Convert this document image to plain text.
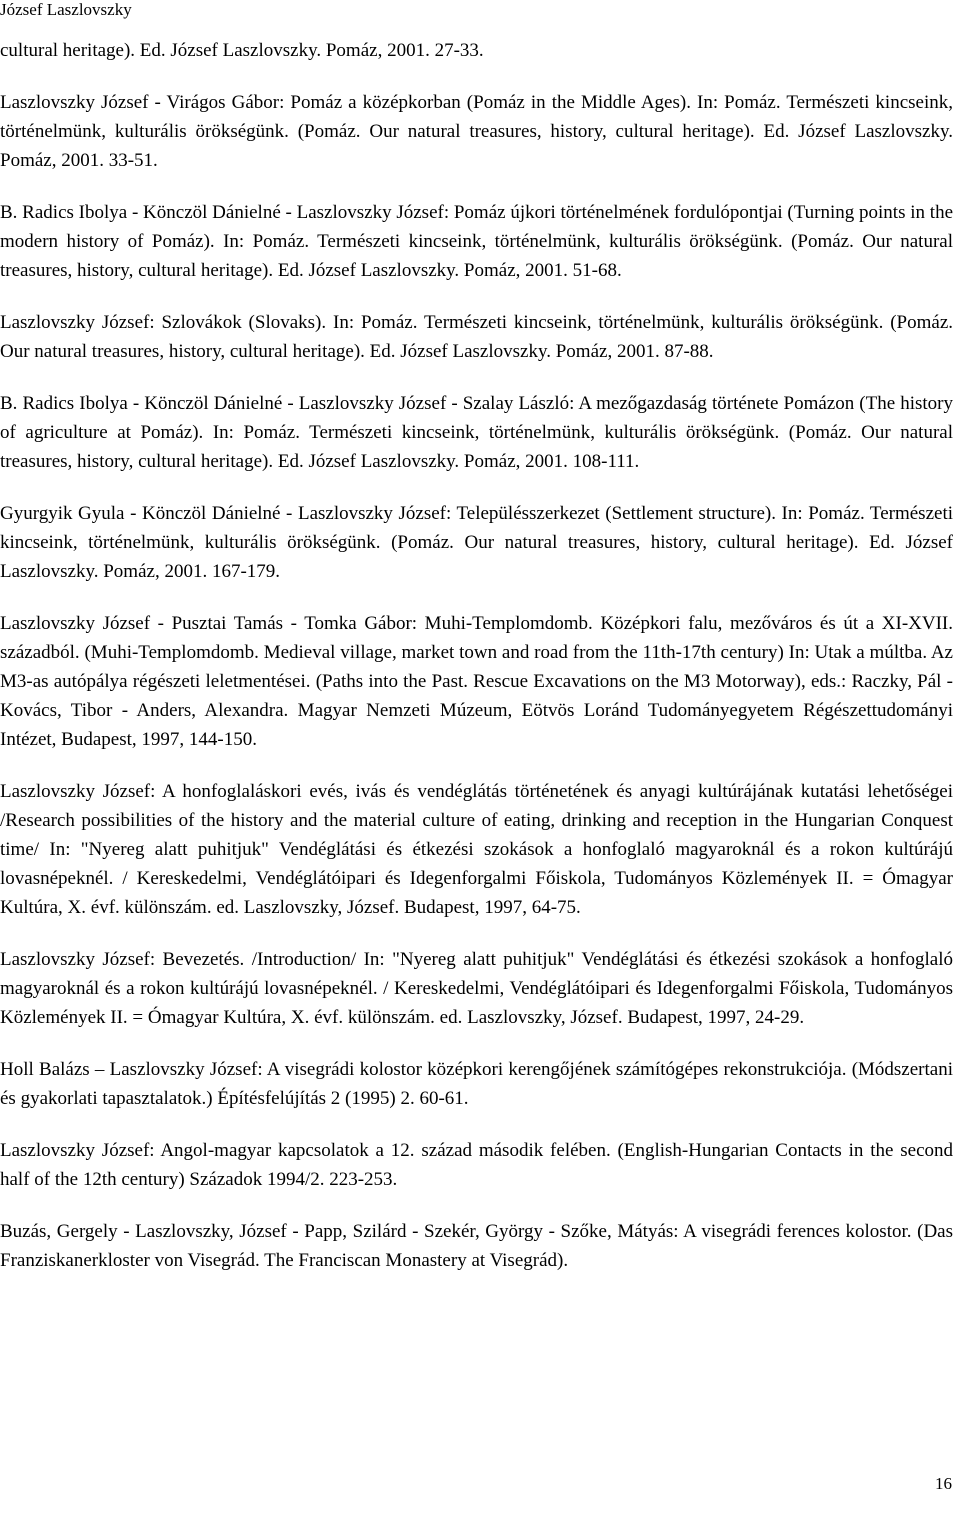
József Laszlovszky

cultural heritage). Ed. József Laszlovszky. Pomáz, 2001. 27-33.

Laszlovszky József - Virágos Gábor: Pomáz a középkorban (Pomáz in the Middle Ages). In: Pomáz. Természeti kincseink, történelmünk, kulturális örökségünk. (Pomáz. Our natural treasures, history, cultural heritage). Ed. József Laszlovszky. Pomáz, 2001. 33-51.

B. Radics Ibolya - Könczöl Dánielné - Laszlovszky József: Pomáz újkori történelmének fordulópontjai (Turning points in the modern history of Pomáz). In: Pomáz. Természeti kincseink, történelmünk, kulturális örökségünk. (Pomáz. Our natural treasures, history, cultural heritage). Ed. József Laszlovszky. Pomáz, 2001. 51-68.

Laszlovszky József: Szlovákok (Slovaks). In: Pomáz. Természeti kincseink, történelmünk, kulturális örökségünk. (Pomáz. Our natural treasures, history, cultural heritage). Ed. József Laszlovszky. Pomáz, 2001. 87-88.

B. Radics Ibolya - Könczöl Dánielné - Laszlovszky József - Szalay László: A mezőgazdaság története Pomázon (The history of agriculture at Pomáz). In: Pomáz. Természeti kincseink, történelmünk, kulturális örökségünk. (Pomáz. Our natural treasures, history, cultural heritage). Ed. József Laszlovszky. Pomáz, 2001. 108-111.

Gyurgyik Gyula - Könczöl Dánielné - Laszlovszky József: Településszerkezet (Settlement structure). In: Pomáz. Természeti kincseink, történelmünk, kulturális örökségünk. (Pomáz. Our natural treasures, history, cultural heritage). Ed. József Laszlovszky. Pomáz, 2001. 167-179.

Laszlovszky József - Pusztai Tamás - Tomka Gábor: Muhi-Templomdomb. Középkori falu, mezőváros és út a XI-XVII. századból. (Muhi-Templomdomb. Medieval village, market town and road from the 11th-17th century) In: Utak a múltba. Az M3-as autópálya régészeti leletmentései. (Paths into the Past. Rescue Excavations on the M3 Motorway), eds.: Raczky, Pál - Kovács, Tibor - Anders, Alexandra. Magyar Nemzeti Múzeum, Eötvös Loránd Tudományegyetem Régészettudományi Intézet, Budapest, 1997, 144-150.

Laszlovszky József: A honfoglaláskori evés, ivás és vendéglátás történetének és anyagi kultúrájának kutatási lehetőségei /Research possibilities of the history and the material culture of eating, drinking and reception in the Hungarian Conquest time/ In: "Nyereg alatt puhitjuk" Vendéglátási és étkezési szokások a honfoglaló magyaroknál és a rokon kultúrájú lovasnépeknél. / Kereskedelmi, Vendéglátóipari és Idegenforgalmi Főiskola, Tudományos Közlemények II. = Ómagyar Kultúra, X. évf. különszám. ed. Laszlovszky, József. Budapest, 1997, 64-75.

Laszlovszky József: Bevezetés. /Introduction/ In: "Nyereg alatt puhitjuk" Vendéglátási és étkezési szokások a honfoglaló magyaroknál és a rokon kultúrájú lovasnépeknél. / Kereskedelmi, Vendéglátóipari és Idegenforgalmi Főiskola, Tudományos Közlemények II. = Ómagyar Kultúra, X. évf. különszám. ed. Laszlovszky, József. Budapest, 1997, 24-29.

Holl Balázs – Laszlovszky József: A visegrádi kolostor középkori kerengőjének számítógépes rekonstrukciója. (Módszertani és gyakorlati tapasztalatok.) Építésfelújítás 2 (1995) 2. 60-61.

Laszlovszky József: Angol-magyar kapcsolatok a 12. század második felében. (English-Hungarian Contacts in the second half of the 12th century) Századok 1994/2. 223-253.

Buzás, Gergely - Laszlovszky, József - Papp, Szilárd - Szekér, György - Szőke, Mátyás: A visegrádi ferences kolostor. (Das Franziskanerkloster von Visegrád. The Franciscan Monastery at Visegrád).

16
